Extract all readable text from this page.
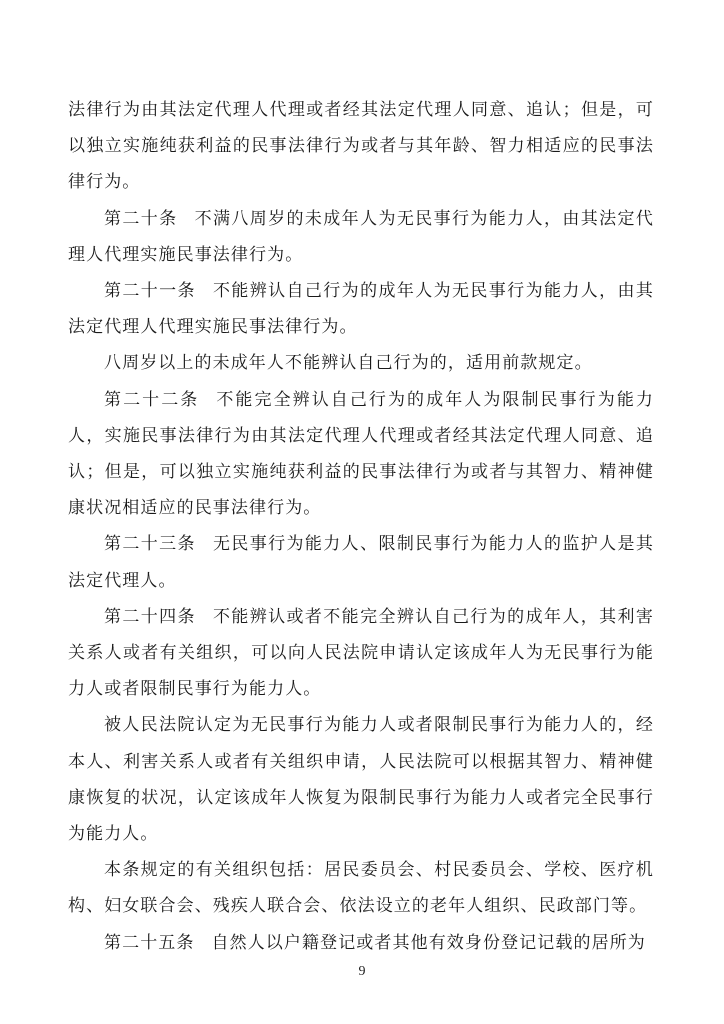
法律行为由其法定代理人代理或者经其法定代理人同意、追认；但是，可以独立实施纯获利益的民事法律行为或者与其年龄、智力相适应的民事法律行为。

第二十条 不满八周岁的未成年人为无民事行为能力人，由其法定代理人代理实施民事法律行为。

第二十一条 不能辨认自己行为的成年人为无民事行为能力人，由其法定代理人代理实施民事法律行为。

八周岁以上的未成年人不能辨认自己行为的，适用前款规定。

第二十二条 不能完全辨认自己行为的成年人为限制民事行为能力人，实施民事法律行为由其法定代理人代理或者经其法定代理人同意、追认；但是，可以独立实施纯获利益的民事法律行为或者与其智力、精神健康状况相适应的民事法律行为。

第二十三条 无民事行为能力人、限制民事行为能力人的监护人是其法定代理人。

第二十四条 不能辨认或者不能完全辨认自己行为的成年人，其利害关系人或者有关组织，可以向人民法院申请认定该成年人为无民事行为能力人或者限制民事行为能力人。

被人民法院认定为无民事行为能力人或者限制民事行为能力人的，经本人、利害关系人或者有关组织申请，人民法院可以根据其智力、精神健康恢复的状况，认定该成年人恢复为限制民事行为能力人或者完全民事行为能力人。

本条规定的有关组织包括：居民委员会、村民委员会、学校、医疗机构、妇女联合会、残疾人联合会、依法设立的老年人组织、民政部门等。

第二十五条 自然人以户籍登记或者其他有效身份登记记载的居所为

9
